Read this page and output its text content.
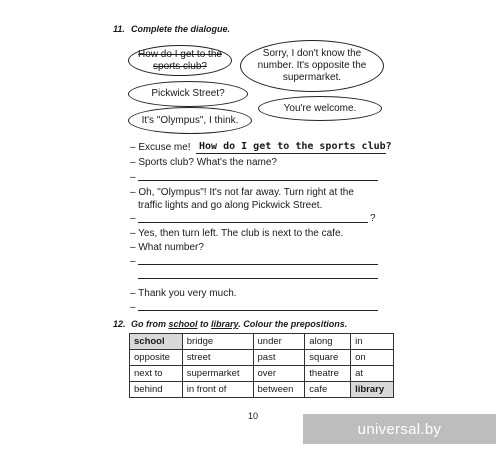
11. Complete the dialogue.
How do I get to the sports club?
Sorry, I don't know the number. It's opposite the supermarket.
Pickwick Street?
You're welcome.
It's "Olympus", I think.
– Excuse me! How do I get to the sports club?
– Sports club? What's the name?
–
– Oh, "Olympus"! It's not far away. Turn right at the
traffic lights and go along Pickwick Street.
–	?
– Yes, then turn left. The club is next to the cafe.
– What number?
–
– Thank you very much.
–
12. Go from school to library. Colour the prepositions.
school	bridge	under	along	in
opposite	street	past	square	on
next to	supermarket	over	theatre	at
behind	in front of	between	cafe	library
10
universal.by
